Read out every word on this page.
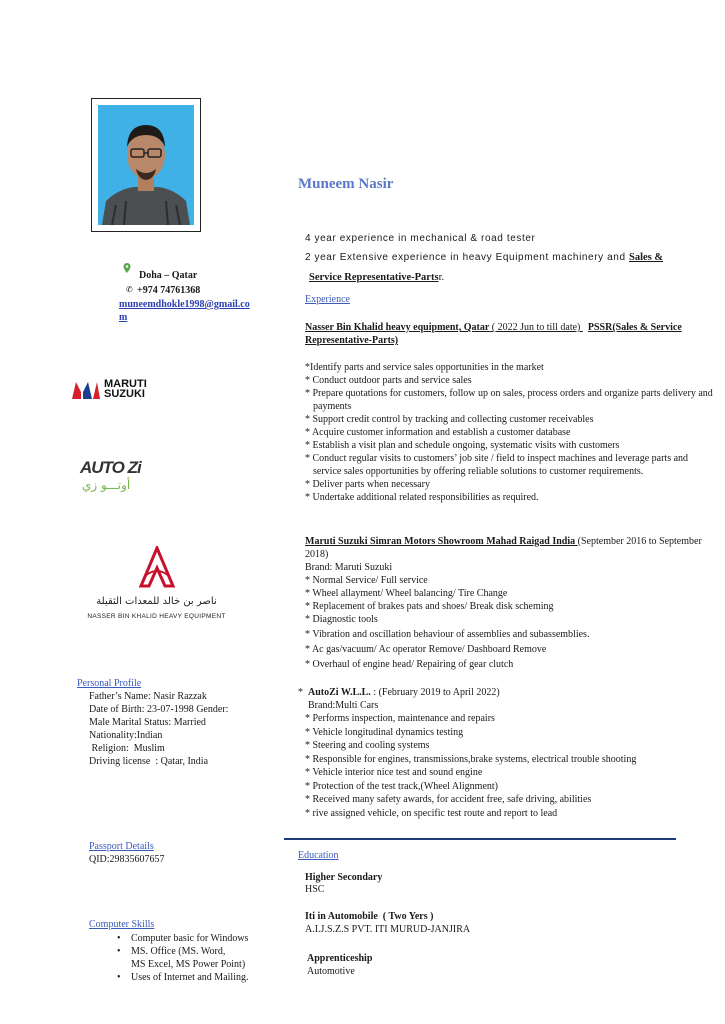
Muneem Nasir
Doha – Qatar
✆ +974 74761368
muneemdhokle1998@gmail.co
m
MARUTI
SUZUKI
AUTO Zi
أوتـــو زي
ناصر بن خالد للمعدات الثقيلة
NASSER BIN KHALID HEAVY EQUIPMENT
4 year experience in mechanical & road tester
2 year Extensive experience in heavy Equipment machinery and Sales &
Service Representative-Partsr.
Experience
Nasser Bin Khalid heavy equipment, Qatar ( 2022 Jun to till date)   PSSR(Sales & Service Representative-Parts)
*Identify parts and service sales opportunities in the market
* Conduct outdoor parts and service sales
* Prepare quotations for customers, follow up on sales, process orders and organize parts delivery and payments
* Support credit control by tracking and collecting customer receivables
* Acquire customer information and establish a customer database
* Establish a visit plan and schedule ongoing, systematic visits with customers
* Conduct regular visits to customers’ job site / field to inspect machines and leverage parts and service sales opportunities by offering reliable solutions to customer requirements.
* Deliver parts when necessary
* Undertake additional related responsibilities as required.
Maruti Suzuki Simran Motors Showroom Mahad Raigad India (September 2016 to September 2018)
Brand: Maruti Suzuki
* Normal Service/ Full service
* Wheel allayment/ Wheel balancing/ Tire Change
* Replacement of brakes pats and shoes/ Break disk scheming
* Diagnostic tools
* Vibration and oscillation behaviour of assemblies and subassemblies.
* Ac gas/vacuum/ Ac operator Remove/ Dashboard Remove
* Overhaul of engine head/ Repairing of gear clutch
* AutoZi W.L.L. : (February 2019 to April 2022)
Brand:Multi Cars
* Performs inspection, maintenance and repairs
* Vehicle longitudinal dynamics testing
* Steering and cooling systems
* Responsible for engines, transmissions,brake systems, electrical trouble shooting
* Vehicle interior nice test and sound engine
* Protection of the test track,(Wheel Alignment)
* Received many safety awards, for accident free, safe driving, abilities
* rive assigned vehicle, on specific test route and report to lead
Personal Profile
Father’s Name: Nasir Razzak
Date of Birth: 23-07-1998 Gender:
Male Marital Status: Married
Nationality:Indian
Religion:  Muslim
Driving license  : Qatar, India
Passport Details
QID:29835607657
Computer Skills
• Computer basic for Windows
• MS. Office (MS. Word,
MS Excel, MS Power Point)
• Uses of Internet and Mailing.
Education
Higher Secondary
HSC
Iti in Automobile  ( Two Yers )
A.I.J.S.Z.S PVT. ITI MURUD-JANJIRA
Apprenticeship
Automotive
